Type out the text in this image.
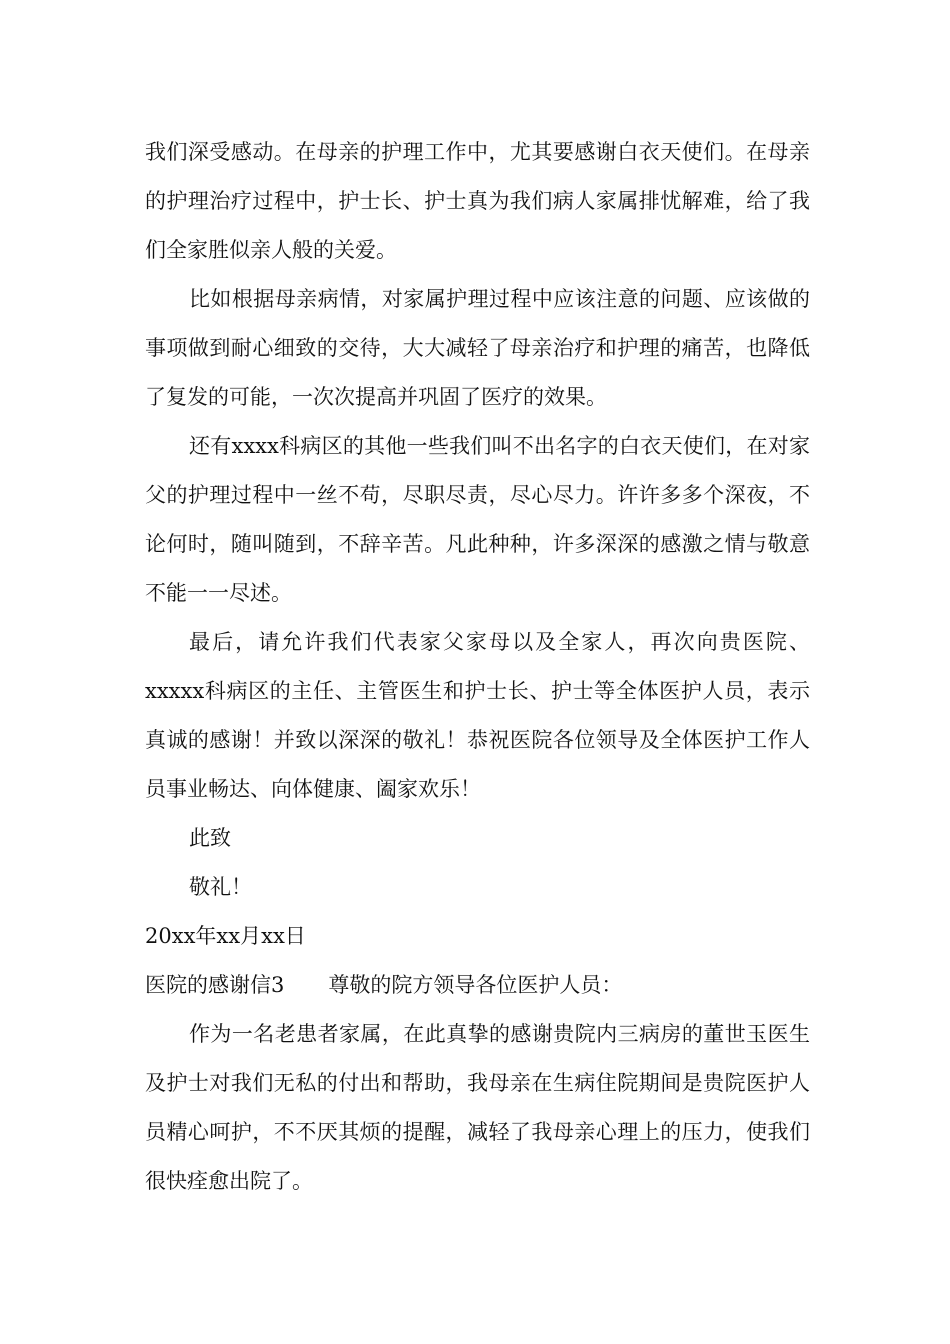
我们深受感动。在母亲的护理工作中，尤其要感谢白衣天使们。在母亲的护理治疗过程中，护士长、护士真为我们病人家属排忧解难，给了我们全家胜似亲人般的关爱。

比如根据母亲病情，对家属护理过程中应该注意的问题、应该做的事项做到耐心细致的交待，大大减轻了母亲治疗和护理的痛苦，也降低了复发的可能，一次次提高并巩固了医疗的效果。

还有xxxx科病区的其他一些我们叫不出名字的白衣天使们，在对家父的护理过程中一丝不苟，尽职尽责，尽心尽力。许许多多个深夜，不论何时，随叫随到，不辞辛苦。凡此种种，许多深深的感激之情与敬意不能一一尽述。

最后，请允许我们代表家父家母以及全家人，再次向贵医院、xxxxx科病区的主任、主管医生和护士长、护士等全体医护人员，表示真诚的感谢！并致以深深的敬礼！恭祝医院各位领导及全体医护工作人员事业畅达、向体健康、阖家欢乐！

此致
敬礼！
20xx年xx月xx日
医院的感谢信3 尊敬的院方领导各位医护人员：

作为一名老患者家属，在此真挚的感谢贵院内三病房的董世玉医生及护士对我们无私的付出和帮助，我母亲在生病住院期间是贵院医护人员精心呵护，不不厌其烦的提醒，减轻了我母亲心理上的压力，使我们很快痊愈出院了。
